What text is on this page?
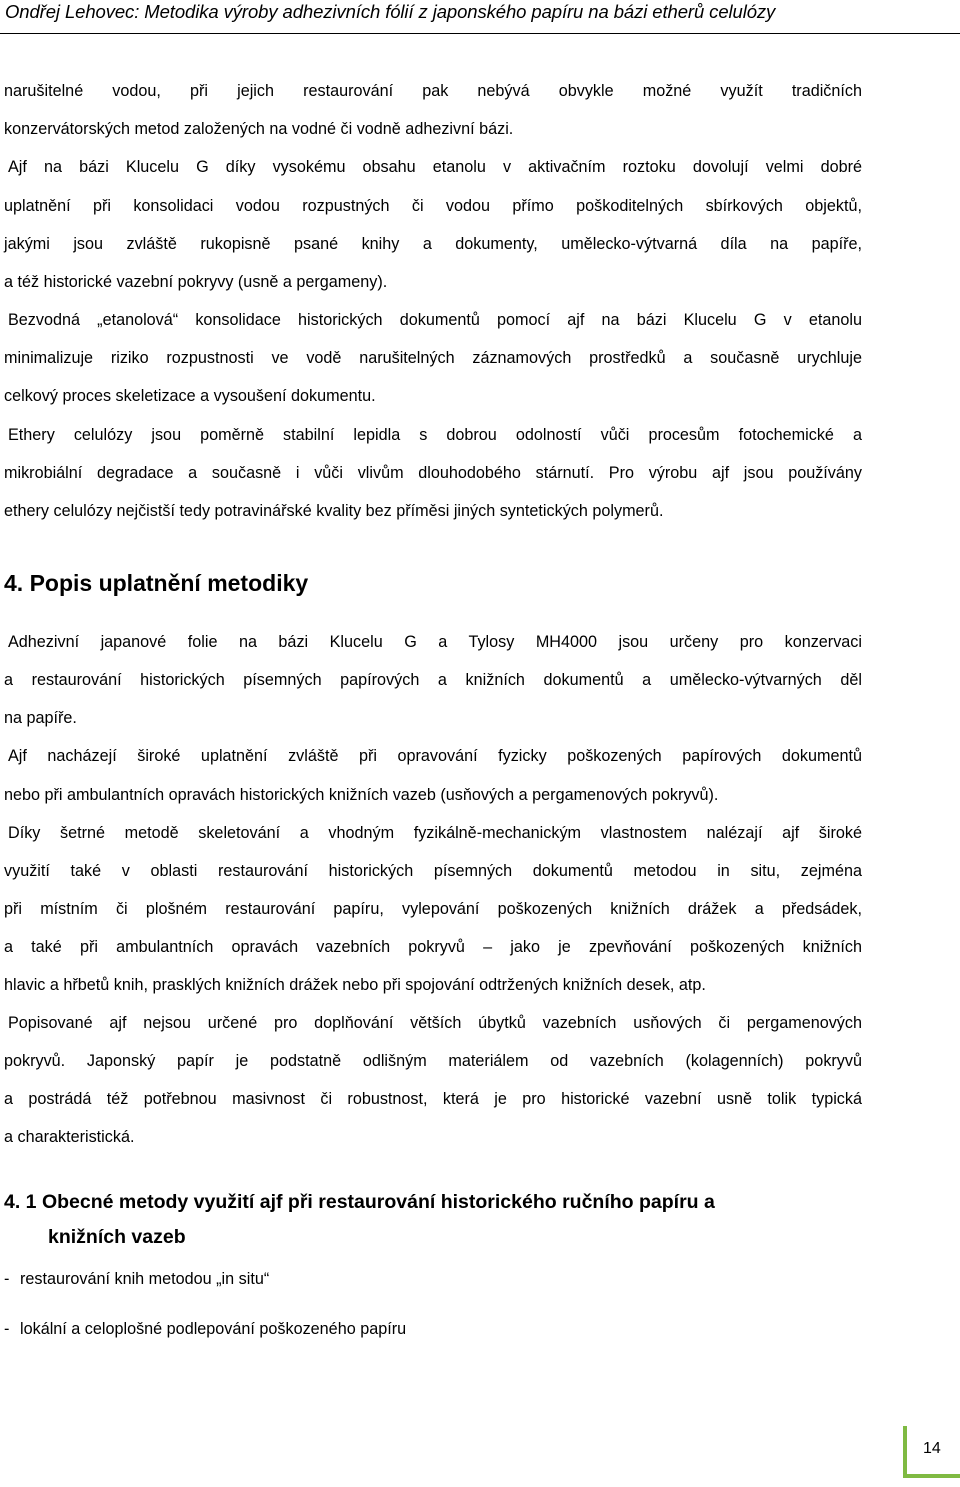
Ondřej Lehovec: Metodika výroby adhezivních fólií z japonského papíru na bázi etherů celulózy
narušitelné vodou, při jejich restaurování pak nebývá obvykle možné využít tradičních
konzervátorských metod založených na vodné či vodně adhezivní bázi.
Ajf na bázi Klucelu G díky vysokému obsahu etanolu v aktivačním roztoku dovolují velmi dobré
uplatnění při konsolidaci vodou rozpustných či vodou přímo poškoditelných sbírkových objektů,
jakými jsou zvláště rukopisně psané knihy a dokumenty, umělecko-výtvarná díla na papíře,
a též historické vazební pokryvy (usně a pergameny).
Bezvodná „etanolová“ konsolidace historických dokumentů pomocí ajf na bázi Klucelu G v etanolu
minimalizuje riziko rozpustnosti ve vodě narušitelných záznamových prostředků a současně urychluje
celkový proces skeletizace a vysoušení dokumentu.
Ethery celulózy jsou poměrně stabilní lepidla s dobrou odolností vůči procesům fotochemické a
mikrobiální degradace a současně i vůči vlivům dlouhodobého stárnutí. Pro výrobu ajf jsou používány
ethery celulózy nejčistší tedy potravinářské kvality bez příměsi jiných syntetických polymerů.
4. Popis uplatnění metodiky
Adhezivní japanové folie na bázi Klucelu G a Tylosy MH4000 jsou určeny pro konzervaci
a restaurování historických písemných papírových a knižních dokumentů a umělecko-výtvarných děl
na papíře.
Ajf nacházejí široké uplatnění zvláště při opravování fyzicky poškozených papírových dokumentů
nebo při ambulantních opravách historických knižních vazeb (usňových a pergamenových pokryvů).
Díky šetrné metodě skeletování a vhodným fyzikálně-mechanickým vlastnostem nalézají ajf široké
využití také v oblasti restaurování historických písemných dokumentů metodou in situ, zejména
při místním či plošném restaurování papíru, vylepování poškozených knižních drážek a předsádek,
a také při ambulantních opravách vazebních pokryvů – jako je zpevňování poškozených knižních
hlavic a hřbetů knih, prasklých knižních drážek nebo při spojování odtržených knižních desek, atp.
Popisované ajf nejsou určené pro doplňování větších úbytků vazebních usňových či pergamenových
pokryvů. Japonský papír je podstatně odlišným materiálem od vazebních (kolagenních) pokryvů
a postrádá též potřebnou masivnost či robustnost, která je pro historické vazební usně tolik typická
a charakteristická.
4. 1 Obecné metody využití ajf při restaurování historického ručního papíru a
knižních vazeb
- restaurování knih metodou „in situ“
- lokální a celoplošné podlepování poškozeného papíru
14
